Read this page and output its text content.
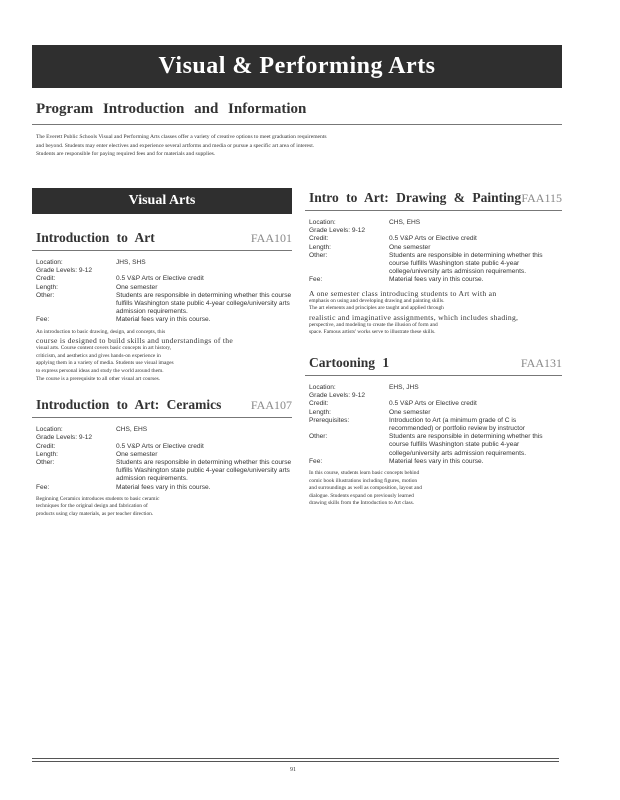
Visual & Performing Arts
Program Introduction and Information
The Everett Public Schools Visual and Performing Arts classes offer a variety of creative options to meet graduation requirements
and beyond. Students may enter electives and experience several artforms and media or pursue a specific art area of interest.
Students are responsible for paying required fees and for materials and supplies.
Visual Arts
Introduction to Art	FAA101
Location:	JHS, SHS
Grade Levels: 9-12
Credit:	0.5 V&P Arts or Elective credit
Length:	One semester
Other:	Students are responsible in determining whether this course fulfills Washington state public 4-year college/university arts admission requirements.
Fee:	Material fees vary in this course.
An introduction to basic drawing, design, and concepts, this
course is designed to build skills and understandings of the
visual arts. Course content covers basic concepts in art history,
criticism, and aesthetics and gives hands-on experience in
applying them in a variety of media. Students use visual images
to express personal ideas and study the world around them.
The course is a prerequisite to all other visual art courses.
Introduction to Art: Ceramics FAA107
Location:	CHS, EHS
Grade Levels: 9-12
Credit:	0.5 V&P Arts or Elective credit
Length:	One semester
Other:	Students are responsible in determining whether this course fulfills Washington state public 4-year college/university arts admission requirements.
Fee:	Material fees vary in this course.
Beginning Ceramics introduces students to basic ceramic
techniques for the original design and fabrication of
products using clay materials, as per teacher direction.
Intro to Art: Drawing & Painting FAA115
Location:	CHS, EHS
Grade Levels: 9-12
Credit:	0.5 V&P Arts or Elective credit
Length:	One semester
Other:	Students are responsible in determining whether this course fulfills Washington state public 4-year college/university arts admission requirements.
Fee:	Material fees vary in this course.
A one semester class introducing students to Art with an
emphasis on using and developing drawing and painting skills.
The art elements and principles are taught and applied through
realistic and imaginative assignments, which includes shading,
perspective, and modeling to create the illusion of form and
space. Famous artists' works serve to illustrate these skills.
Cartooning 1	FAA131
Location:	EHS, JHS
Grade Levels: 9-12
Credit:	0.5 V&P Arts or Elective credit
Length:	One semester
Prerequisites:	Introduction to Art (a minimum grade of C is recommended) or portfolio review by instructor
Other:	Students are responsible in determining whether this course fulfills Washington state public 4-year college/university arts admission requirements.
Fee:	Material fees vary in this course.
In this course, students learn basic concepts behind
comic book illustrations including figures, motion
and surroundings as well as composition, layout and
dialogue. Students expand on previously learned
drawing skills from the Introduction to Art class.
91
